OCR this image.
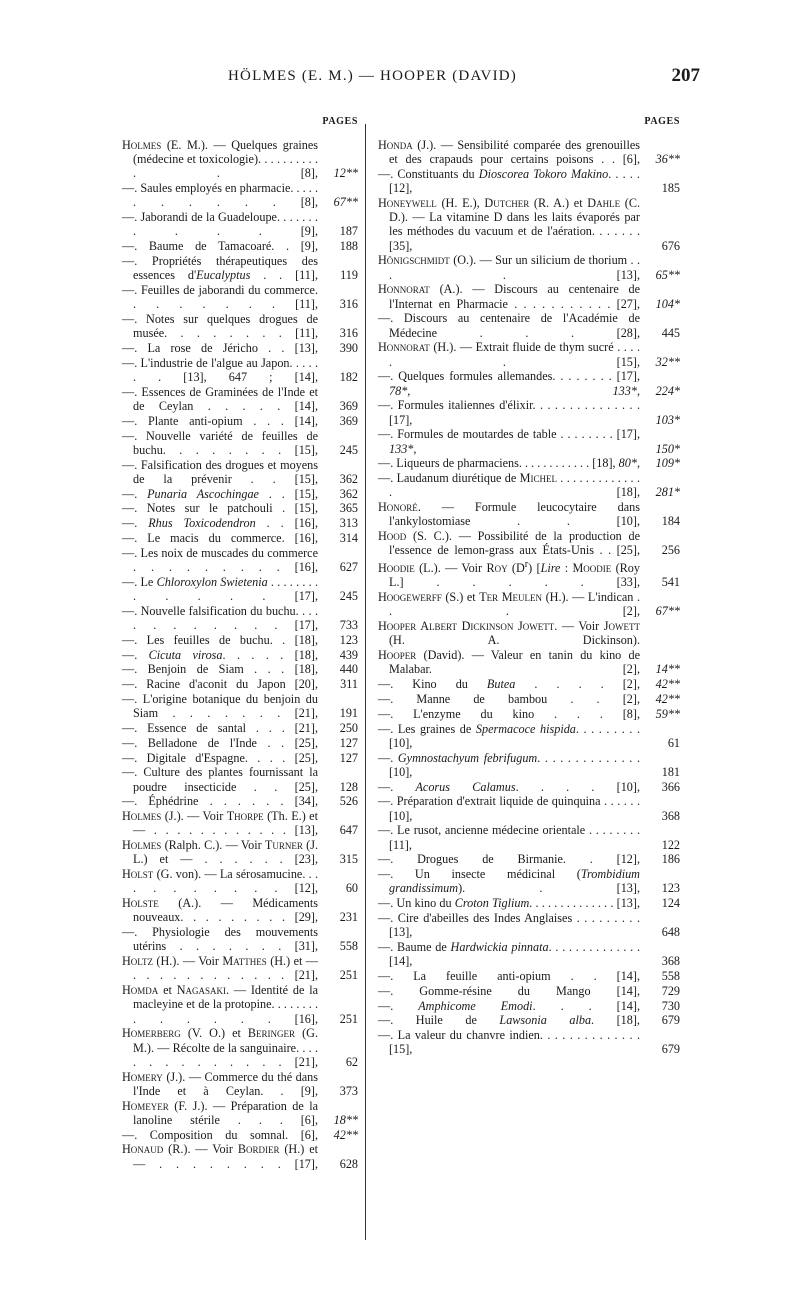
HÖLMES (E. M.) — HOOPER (DAVID)	207
PAGES
Holmes (E. M.). — Quelques graines (médecine et toxicologie). . . . . . . . . . . . [8],	12**
—. Saules employés en pharmacie. . . . . . . . . . . [8],	67**
—. Jaborandi de la Guadeloupe. . . . . . . . . . . [9],	187
—. Baume de Tamacoaré. . [9],	188
—. Propriétés thérapeutiques des essences d'Eucalyptus . . [11],	119
—. Feuilles de jaborandi du commerce. . . . . . . . [11],	316
—. Notes sur quelques drogues de musée. . . . . . . . [11],	316
—. La rose de Jéricho . . [13],	390
—. L'industrie de l'algue au Japon. . . . . . . [13], 647 ; [14],	182
—. Essences de Graminées de l'Inde et de Ceylan . . . . . [14],	369
—. Plante anti-opium . . . [14],	369
—. Nouvelle variété de feuilles de buchu. . . . . . . . [15],	245
—. Falsification des drogues et moyens de la prévenir . . [15],	362
—. Punaria Ascochingae . . [15],	362
—. Notes sur le patchouli . [15],	365
—. Rhus Toxicodendron . . [16],	313
—. Le macis du commerce. [16],	314
—. Les noix de muscades du commerce . . . . . . . . . [16],	627
—. Le Chloroxylon Swietenia . . . . . . . . . . . . . [17],	245
—. Nouvelle falsification du buchu. . . . . . . . . . . . [17],	733
—. Les feuilles de buchu. . [18],	123
—. Cicuta virosa. . . . . [18],	439
—. Benjoin de Siam . . . [18],	440
—. Racine d'aconit du Japon [20],	311
—. L'origine botanique du benjoin du Siam . . . . . . . [21],	191
—. Essence de santal . . . [21],	250
—. Belladone de l'Inde . . [25],	127
—. Digitale d'Espagne. . . . [25],	127
—. Culture des plantes fournissant la poudre insecticide . . [25],	128
—. Éphédrine . . . . . . [34],	526
Holmes (J.). — Voir Thorpe (Th. E.) et — . . . . . . . . . . . . [13],	647
Holmes (Ralph. C.). — Voir Turner (J. L.) et — . . . . . . [23],	315
Holst (G. von). — La sérosamucine. . . . . . . . . . . [12],	60
Holste (A.). — Médicaments nouveaux. . . . . . . . . [29],	231
—. Physiologie des mouvements utérins . . . . . . . [31],	558
Holtz (H.). — Voir Matthes (H.) et — . . . . . . . . . . . . [21],	251
Homda et Nagasaki. — Identité de la macleyine et de la protopine. . . . . . . . . . . . . . [16],	251
Homerberg (V. O.) et Beringer (G. M.). — Récolte de la sanguinaire. . . . . . . . . . . . . . [21],	62
Homery (J.). — Commerce du thé dans l'Inde et à Ceylan. . [9],	373
Homeyer (F. J.). — Préparation de la lanoline stérile . . . [6],	18**
—. Composition du somnal. [6],	42**
Honaud (R.). — Voir Bordier (H.) et — . . . . . . . . [17],	628
PAGES
Honda (J.). — Sensibilité comparée des grenouilles et des crapauds pour certains poisons . . [6],	36**
—. Constituants du Dioscorea Tokoro Makino. . . . . [12],	185
Honeywell (H. E.), Dutcher (R. A.) et Dahle (C. D.). — La vitamine D dans les laits évaporés par les méthodes du vacuum et de l'aération. . . . . . . [35],	676
Hönigschmidt (O.). — Sur un silicium de thorium . . . . [13],	65**
Honnorat (A.). — Discours au centenaire de l'Internat en Pharmacie . . . . . . . . . . . [27],	104*
—. Discours au centenaire de l'Académie de Médecine . . . [28],	445
Honnorat (H.). — Extrait fluide de thym sucré . . . . . . [15],	32**
—. Quelques formules allemandes. . . . . . . . [17], 78*, 133*,	224*
—. Formules italiennes d'élixir. . . . . . . . . . . . . . . [17],	103*
—. Formules de moutardes de table . . . . . . . . [17], 133*,	150*
—. Liqueurs de pharmaciens. . . . . . . . . . . . [18], 80*,	109*
—. Laudanum diurétique de Michel . . . . . . . . . . . . . . [18],	281*
Honoré. — Formule leucocytaire dans l'ankylostomiase . . [10],	184
Hood (S. C.). — Possibilité de la production de l'essence de lemon-grass aux États-Unis . . [25],	256
Hoodie (L.). — Voir Roy $(D^r)$ [Lire : Moodie (Roy L.] . . . . . [33],	541
Hoogewerff (S.) et Ter Meulen (H.). — L'indican . . . [2],	67**
Hooper Albert Dickinson Jowett. — Voir Jowett (H. A. Dickinson).
Hooper (David). — Valeur en tanin du kino de Malabar. [2],	14**
—. Kino du Butea . . . . [2],	42**
—. Manne de bambou . . [2],	42**
—. L'enzyme du kino . . . [8],	59**
—. Les graines de Spermacoce hispida. . . . . . . . . [10],	61
—. Gymnostachyum febrifugum. . . . . . . . . . . . . . [10],	181
—. Acorus Calamus. . . . [10],	366
—. Préparation d'extrait liquide de quinquina . . . . . . [10],	368
—. Le rusot, ancienne médecine orientale . . . . . . . . [11],	122
—. Drogues de Birmanie. . [12],	186
—. Un insecte médicinal (Trombidium grandissimum). . [13],	123
—. Un kino du Croton Tiglium. . . . . . . . . . . . . . [13],	124
—. Cire d'abeilles des Indes Anglaises . . . . . . . . . [13],	648
—. Baume de Hardwickia pinnata. . . . . . . . . . . . . . [14],	368
—. La feuille anti-opium . . [14],	558
—. Gomme-résine du Mango [14],	729
—. Amphicome Emodi. . . [14],	730
—. Huile de Lawsonia alba. [18],	679
—. La valeur du chanvre indien. . . . . . . . . . . . . . [15],	679
